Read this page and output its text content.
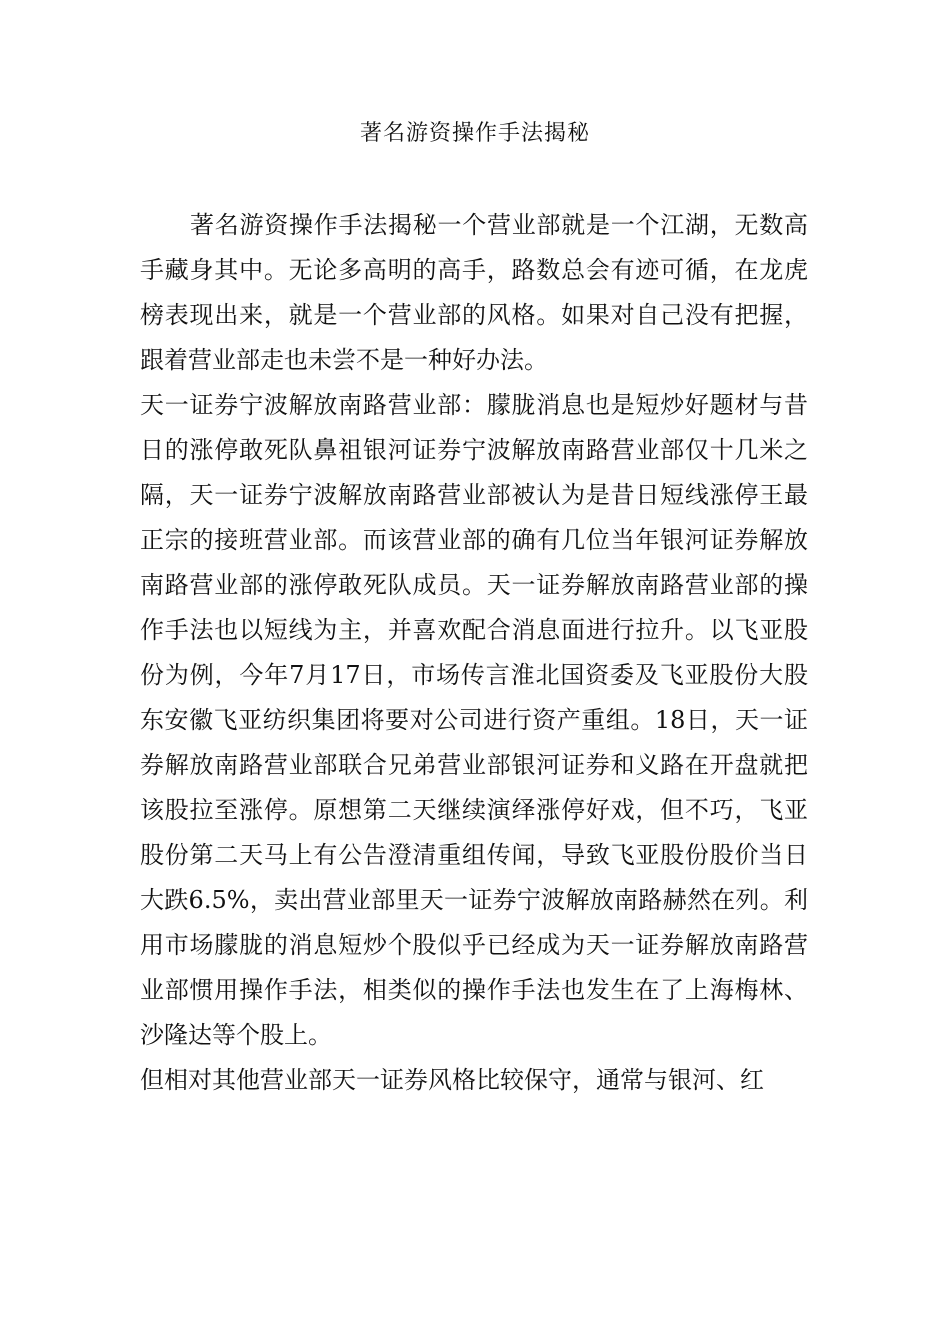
著名游资操作手法揭秘

著名游资操作手法揭秘一个营业部就是一个江湖，无数高手藏身其中。无论多高明的高手，路数总会有迹可循，在龙虎榜表现出来，就是一个营业部的风格。如果对自己没有把握，跟着营业部走也未尝不是一种好办法。

天一证券宁波解放南路营业部：朦胧消息也是短炒好题材与昔日的涨停敢死队鼻祖银河证券宁波解放南路营业部仅十几米之隔，天一证券宁波解放南路营业部被认为是昔日短线涨停王最正宗的接班营业部。而该营业部的确有几位当年银河证券解放南路营业部的涨停敢死队成员。天一证券解放南路营业部的操作手法也以短线为主，并喜欢配合消息面进行拉升。以飞亚股份为例，今年7月17日，市场传言淮北国资委及飞亚股份大股东安徽飞亚纺织集团将要对公司进行资产重组。18日，天一证券解放南路营业部联合兄弟营业部银河证券和义路在开盘就把该股拉至涨停。原想第二天继续演绎涨停好戏，但不巧，飞亚股份第二天马上有公告澄清重组传闻，导致飞亚股份股价当日大跌6.5%，卖出营业部里天一证券宁波解放南路赫然在列。利用市场朦胧的消息短炒个股似乎已经成为天一证券解放南路营业部惯用操作手法，相类似的操作手法也发生在了上海梅林、沙隆达等个股上。

但相对其他营业部天一证券风格比较保守，通常与银河、红
